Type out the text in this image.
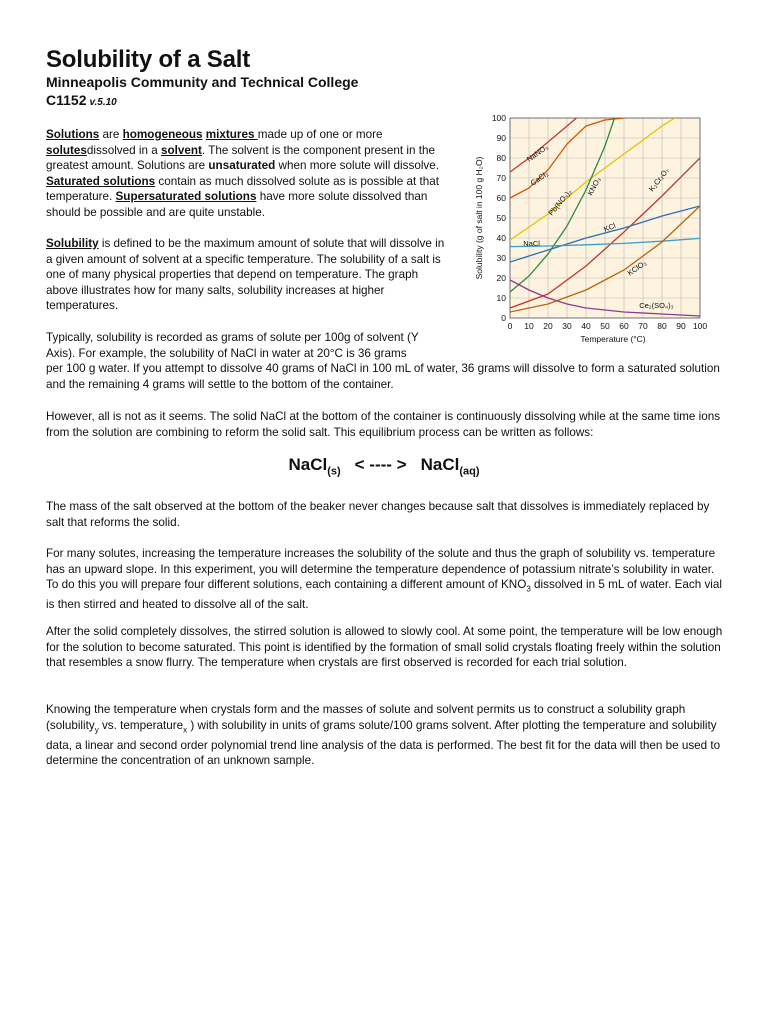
Solubility of a Salt
Minneapolis Community and Technical College
C1152 v.5.10
Solutions are homogeneous mixtures made up of one or more solutesdissolved in a solvent. The solvent is the component present in the greatest amount. Solutions are unsaturated when more solute will dissolve. Saturated solutions contain as much dissolved solute as is possible at that temperature. Supersaturated solutions have more solute dissolved than should be possible and are quite unstable.
Solubility is defined to be the maximum amount of solute that will dissolve in a given amount of solvent at a specific temperature. The solubility of a salt is one of many physical properties that depend on temperature. The graph above illustrates how for many salts, solubility increases at higher temperatures.
Typically, solubility is recorded as grams of solute per 100g of solvent (Y
Axis). For example, the solubility of NaCl in water at 20°C is 36 grams
per 100 g water. If you attempt to dissolve 40 grams of NaCl in 100 mL of water, 36 grams will dissolve to form a saturated solution and the remaining 4 grams will settle to the bottom of the container.
However, all is not as it seems. The solid NaCl at the bottom of the container is continuously dissolving while at the same time ions from the solution are combining to reform the solid salt. This equilibrium process can be written as follows:
NaCl$_{(s)}$ < ---- > NaCl$_{(aq)}$
The mass of the salt observed at the bottom of the beaker never changes because salt that dissolves is immediately replaced by salt that reforms the solid.
For many solutes, increasing the temperature increases the solubility of the solute and thus the graph of solubility vs. temperature has an upward slope. In this experiment, you will determine the temperature dependence of potassium nitrate’s solubility in water. To do this you will prepare four different solutions, each containing a different amount of $KNO_3$ dissolved in 5 mL of water. Each vial is then stirred and heated to dissolve all of the salt.
After the solid completely dissolves, the stirred solution is allowed to slowly cool. At some point, the temperature will be low enough for the solution to become saturated. This point is identified by the formation of small solid crystals floating freely within the solution that resembles a snow flurry. The temperature when crystals are first observed is recorded for each trial solution.
Knowing the temperature when crystals form and the masses of solute and solvent permits us to construct a solubility graph (solubility$_y$ vs. temperature$_x$ ) with solubility in units of grams solute/100 grams solvent. After plotting the temperature and solubility data, a linear and second order polynomial trend line analysis of the data is performed. The best fit for the data will then be used to determine the concentration of an unknown sample.
0 10 20 30 40 50 60 70 80 90 100
0
10
20
30
40
50
60
70
80
90
100
Temperature (°C)
Solubility (g of salt in 100 g H₂O)
NaNO₃
CaCl₂
Pb(NO₃)₂
KNO₃	K₂Cr₂O₇
KCl
NaCl
KClO₃
Ce₂(SO₄)₃
